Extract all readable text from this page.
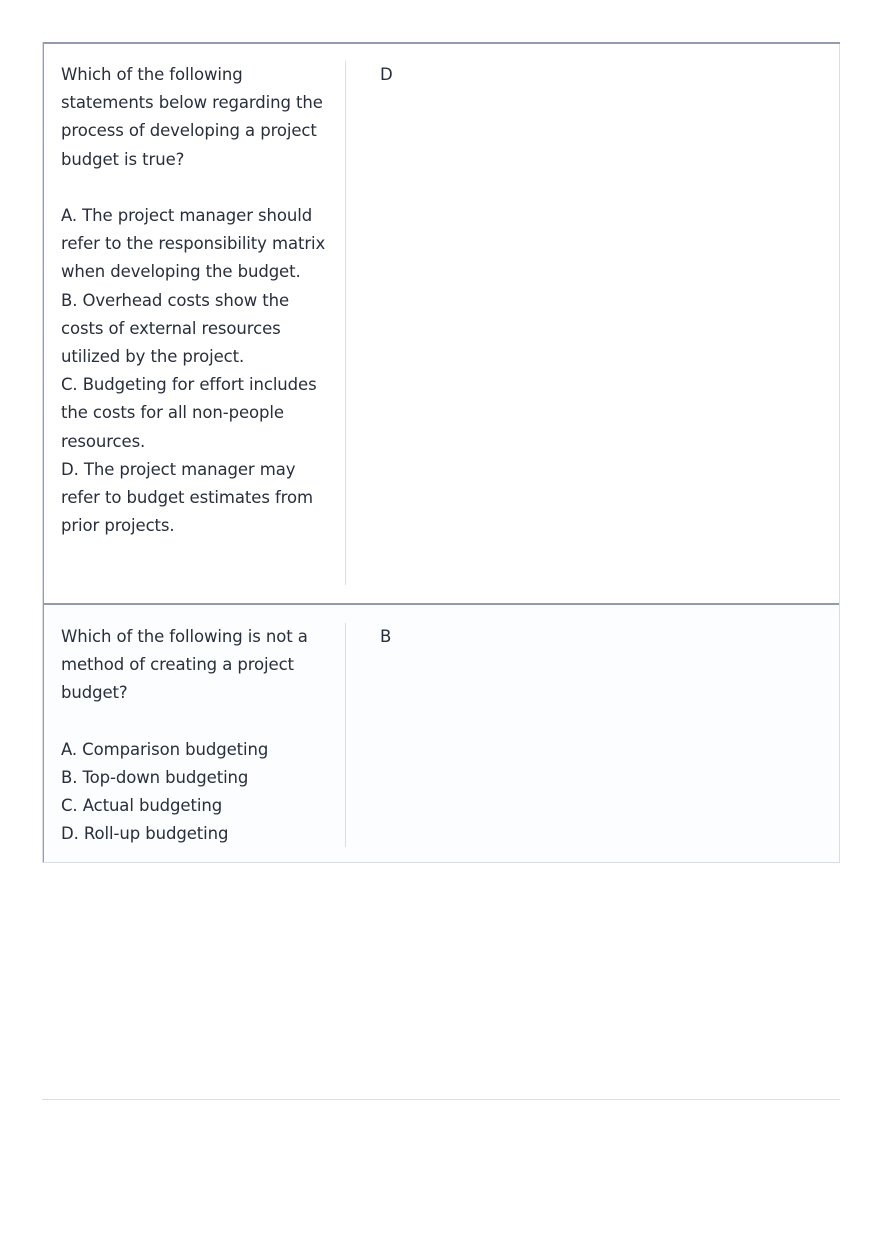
Which of the following statements below regarding the process of developing a project budget is true?

A. The project manager should refer to the responsibility matrix when developing the budget.

B. Overhead costs show the costs of external resources utilized by the project.

C. Budgeting for effort includes the costs for all non-people resources.

D. The project manager may refer to budget estimates from prior projects.

D

Which of the following is not a method of creating a project budget?

A. Comparison budgeting

B. Top-down budgeting

C. Actual budgeting

D. Roll-up budgeting

B
